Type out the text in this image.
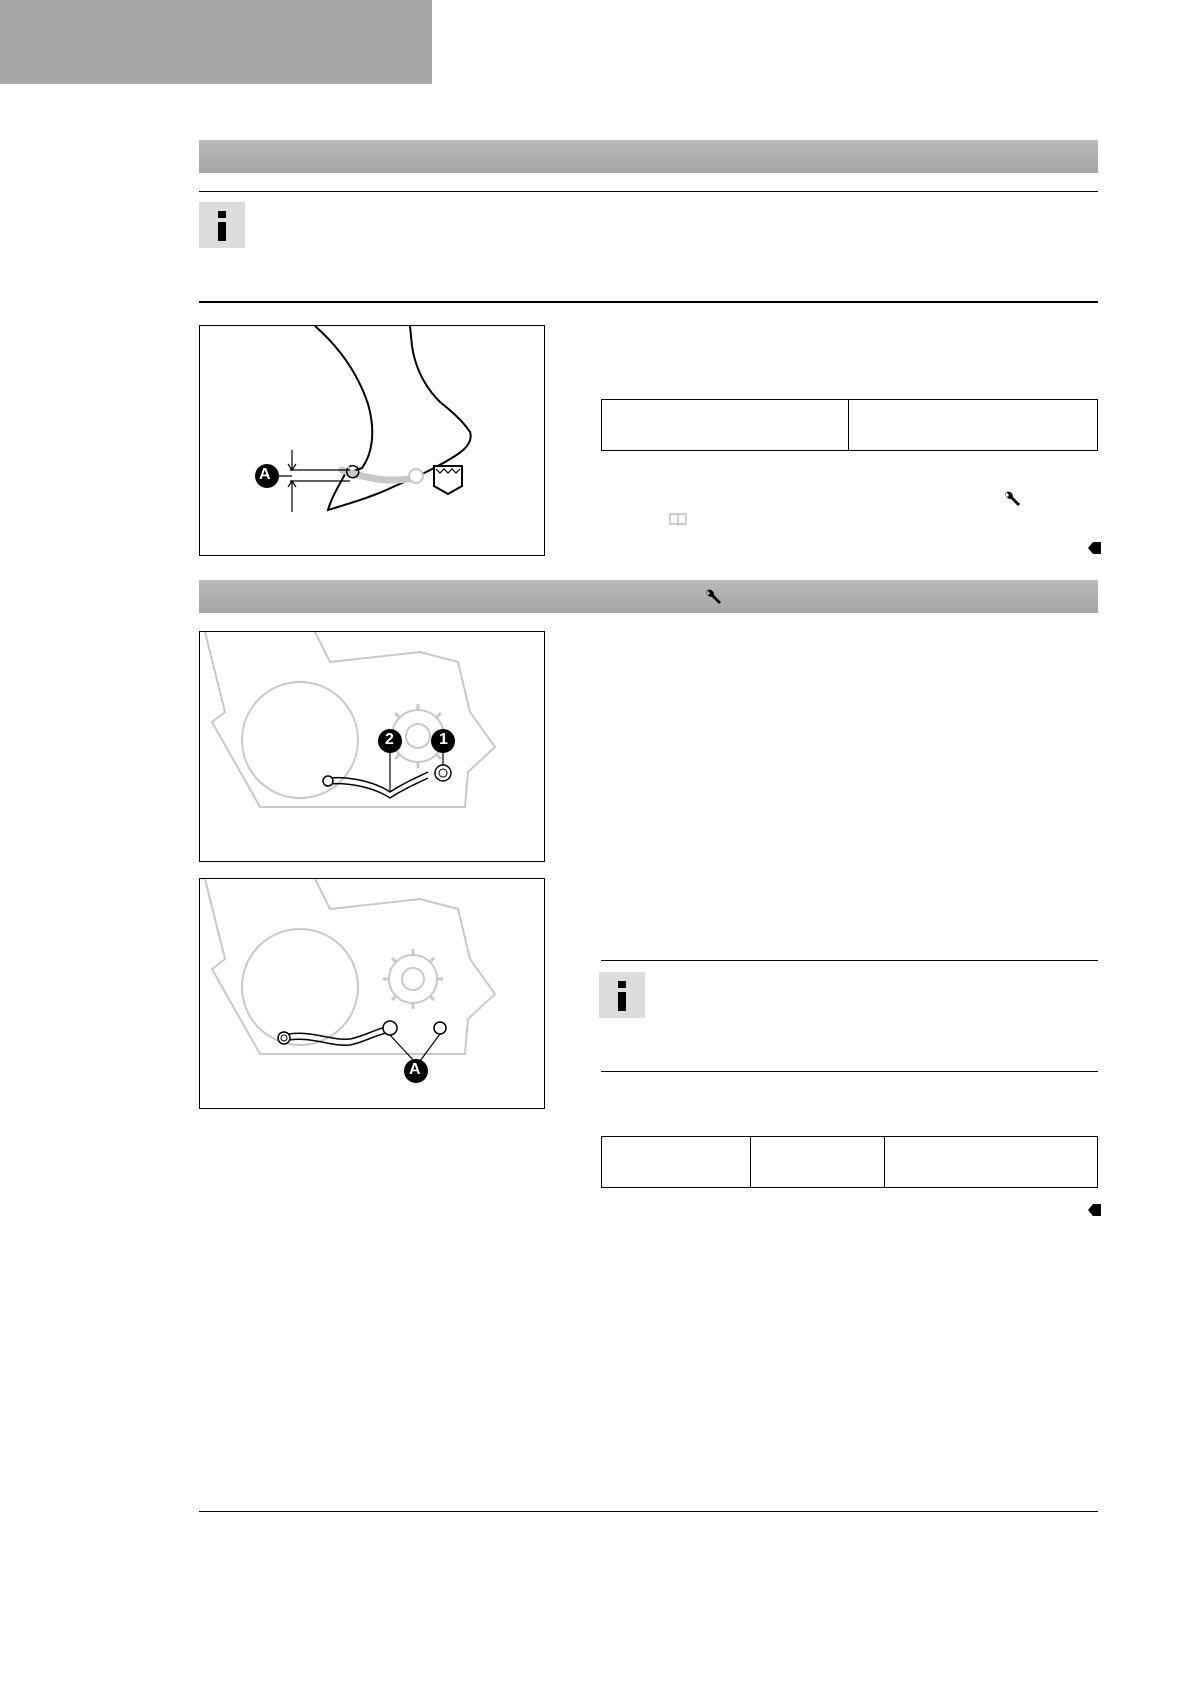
A

2	1
A
